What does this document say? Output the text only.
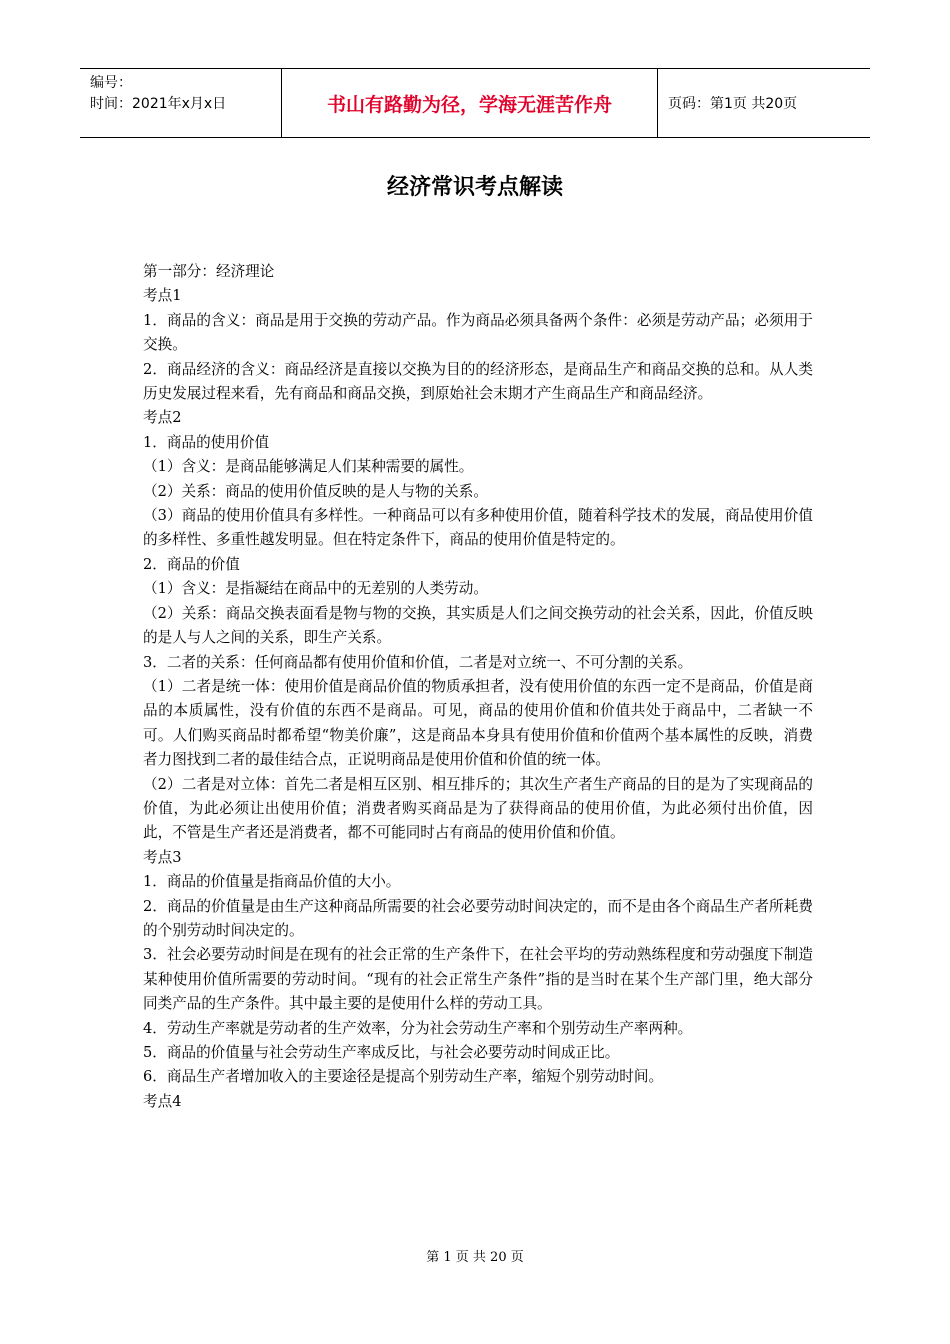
编号：
时间：2021年x月x日	书山有路勤为径，学海无涯苦作舟	页码：第1页 共20页
经济常识考点解读

第一部分：经济理论

考点1

1．商品的含义：商品是用于交换的劳动产品。作为商品必须具备两个条件：必须是劳动产品；必须用于交换。

2．商品经济的含义：商品经济是直接以交换为目的的经济形态，是商品生产和商品交换的总和。从人类历史发展过程来看，先有商品和商品交换，到原始社会末期才产生商品生产和商品经济。

考点2

1．商品的使用价值

（1）含义：是商品能够满足人们某种需要的属性。

（2）关系：商品的使用价值反映的是人与物的关系。

（3）商品的使用价值具有多样性。一种商品可以有多种使用价值，随着科学技术的发展，商品使用价值的多样性、多重性越发明显。但在特定条件下，商品的使用价值是特定的。

2．商品的价值

（1）含义：是指凝结在商品中的无差别的人类劳动。

（2）关系：商品交换表面看是物与物的交换，其实质是人们之间交换劳动的社会关系，因此，价值反映的是人与人之间的关系，即生产关系。

3．二者的关系：任何商品都有使用价值和价值，二者是对立统一、不可分割的关系。

（1）二者是统一体：使用价值是商品价值的物质承担者，没有使用价值的东西一定不是商品，价值是商品的本质属性，没有价值的东西不是商品。可见，商品的使用价值和价值共处于商品中，二者缺一不可。人们购买商品时都希望“物美价廉”，这是商品本身具有使用价值和价值两个基本属性的反映，消费者力图找到二者的最佳结合点，正说明商品是使用价值和价值的统一体。

（2）二者是对立体：首先二者是相互区别、相互排斥的；其次生产者生产商品的目的是为了实现商品的价值，为此必须让出使用价值；消费者购买商品是为了获得商品的使用价值，为此必须付出价值，因此，不管是生产者还是消费者，都不可能同时占有商品的使用价值和价值。

考点3

1．商品的价值量是指商品价值的大小。

2．商品的价值量是由生产这种商品所需要的社会必要劳动时间决定的，而不是由各个商品生产者所耗费的个别劳动时间决定的。

3．社会必要劳动时间是在现有的社会正常的生产条件下，在社会平均的劳动熟练程度和劳动强度下制造某种使用价值所需要的劳动时间。“现有的社会正常生产条件”指的是当时在某个生产部门里，绝大部分同类产品的生产条件。其中最主要的是使用什么样的劳动工具。

4．劳动生产率就是劳动者的生产效率，分为社会劳动生产率和个别劳动生产率两种。

5．商品的价值量与社会劳动生产率成反比，与社会必要劳动时间成正比。

6．商品生产者增加收入的主要途径是提高个别劳动生产率，缩短个别劳动时间。

考点4

第 1 页 共 20 页
